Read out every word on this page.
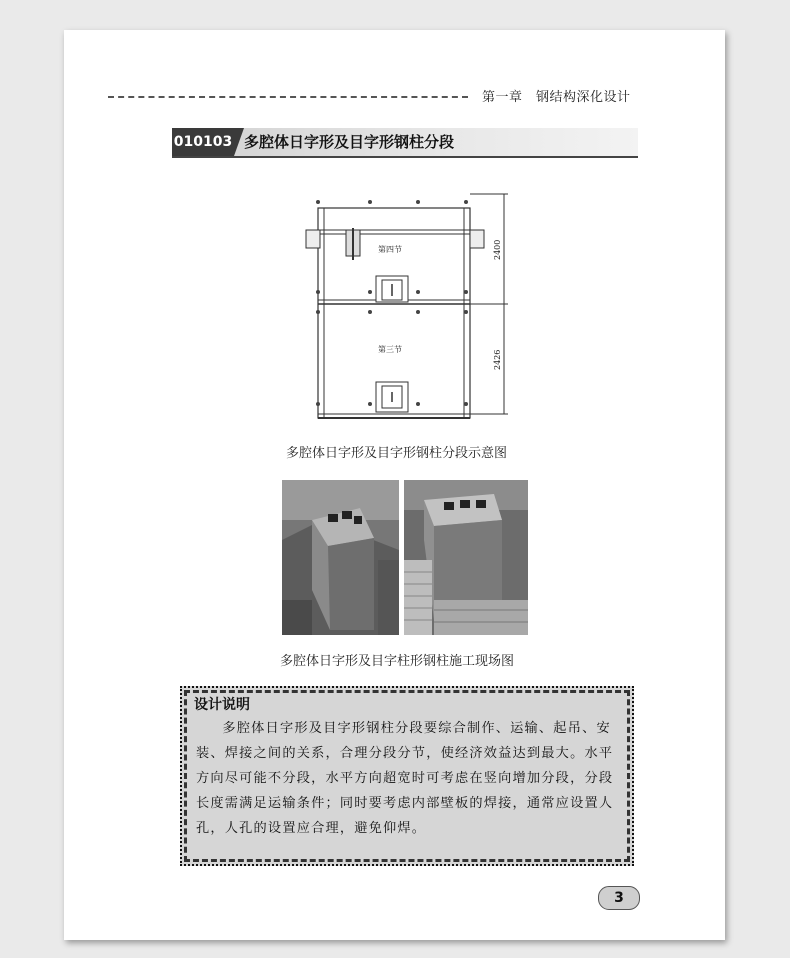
第一章　钢结构深化设计
010103 多腔体日字形及目字形钢柱分段
第四节
第三节
2400
2426
多腔体日字形及目字形钢柱分段示意图
多腔体日字形及目字柱形钢柱施工现场图
设计说明
多腔体日字形及目字形钢柱分段要综合制作、运输、起吊、安装、焊接之间的关系，合理分段分节，使经济效益达到最大。水平方向尽可能不分段，水平方向超宽时可考虑在竖向增加分段，分段长度需满足运输条件；同时要考虑内部壁板的焊接，通常应设置人孔，人孔的设置应合理，避免仰焊。
3
